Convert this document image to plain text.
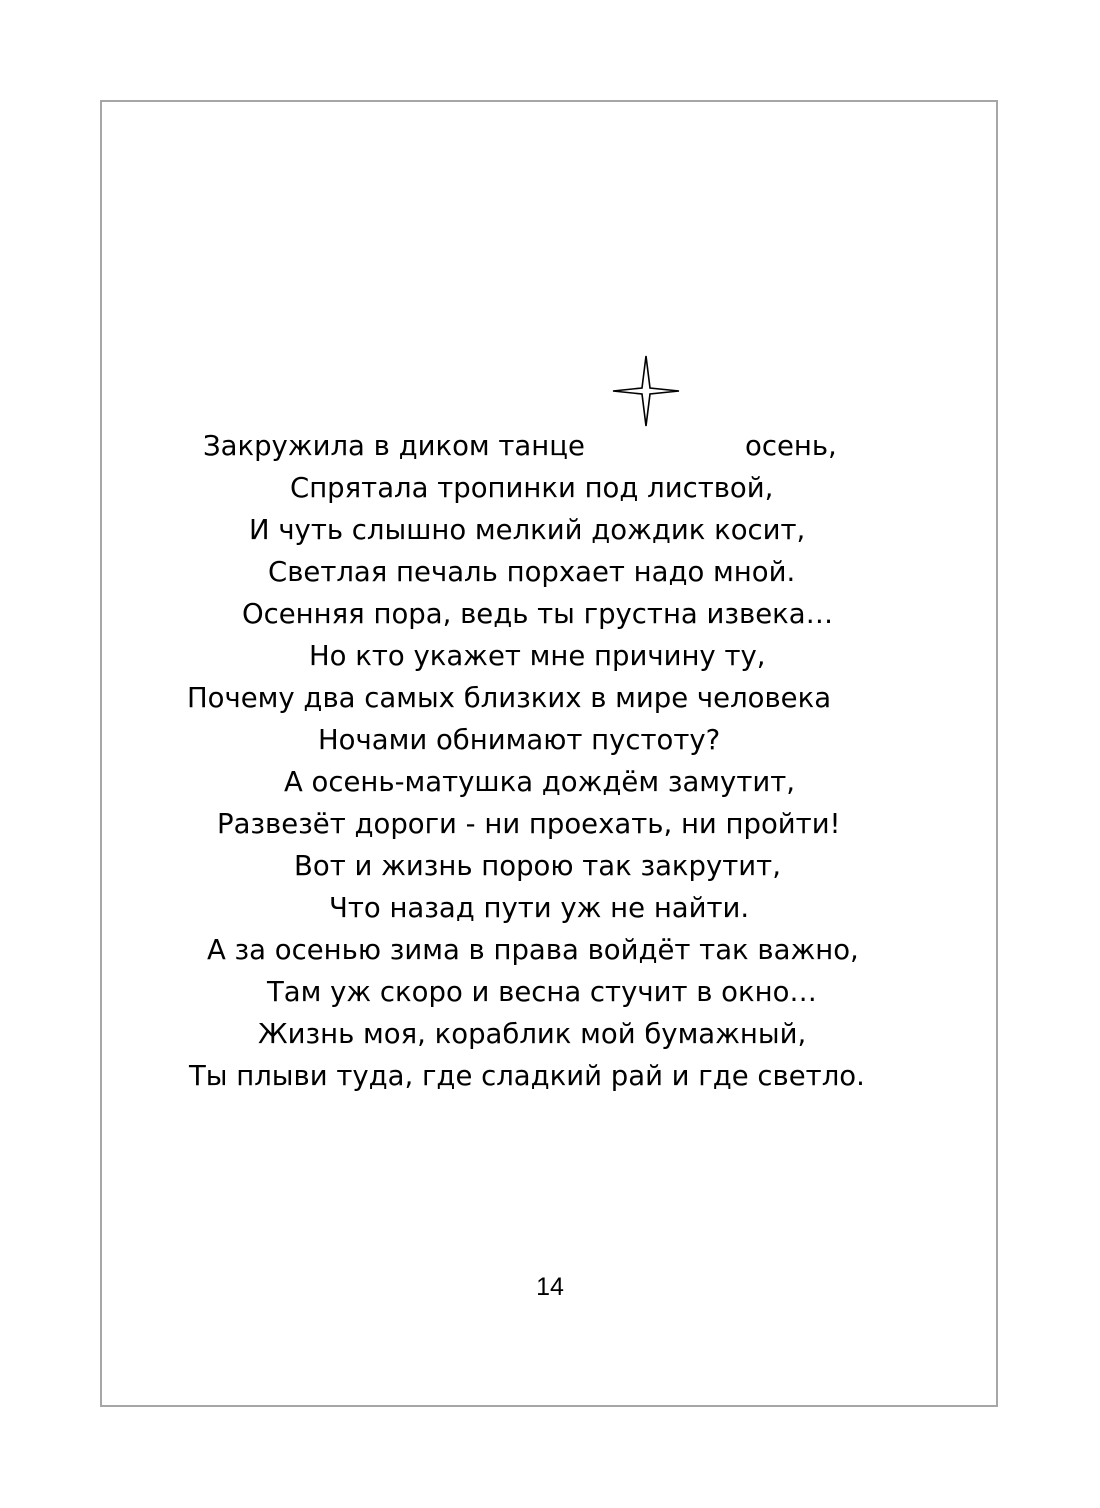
Закружила в диком танце	осень,
Спрятала тропинки под листвой,
И чуть слышно мелкий дождик косит,
Светлая печаль порхает надо мной.
Осенняя пора, ведь ты грустна извека…
Но кто укажет мне причину ту,
Почему два самых близких в мире человека
Ночами обнимают пустоту?
А осень-матушка дождём замутит,
Развезёт дороги - ни проехать, ни пройти!
Вот и жизнь порою так закрутит,
Что назад пути уж не найти.
А за осенью зима в права войдёт так важно,
Там уж скоро и весна стучит в окно…
Жизнь моя, кораблик мой бумажный,
Ты плыви туда, где сладкий рай и где светло.
14
